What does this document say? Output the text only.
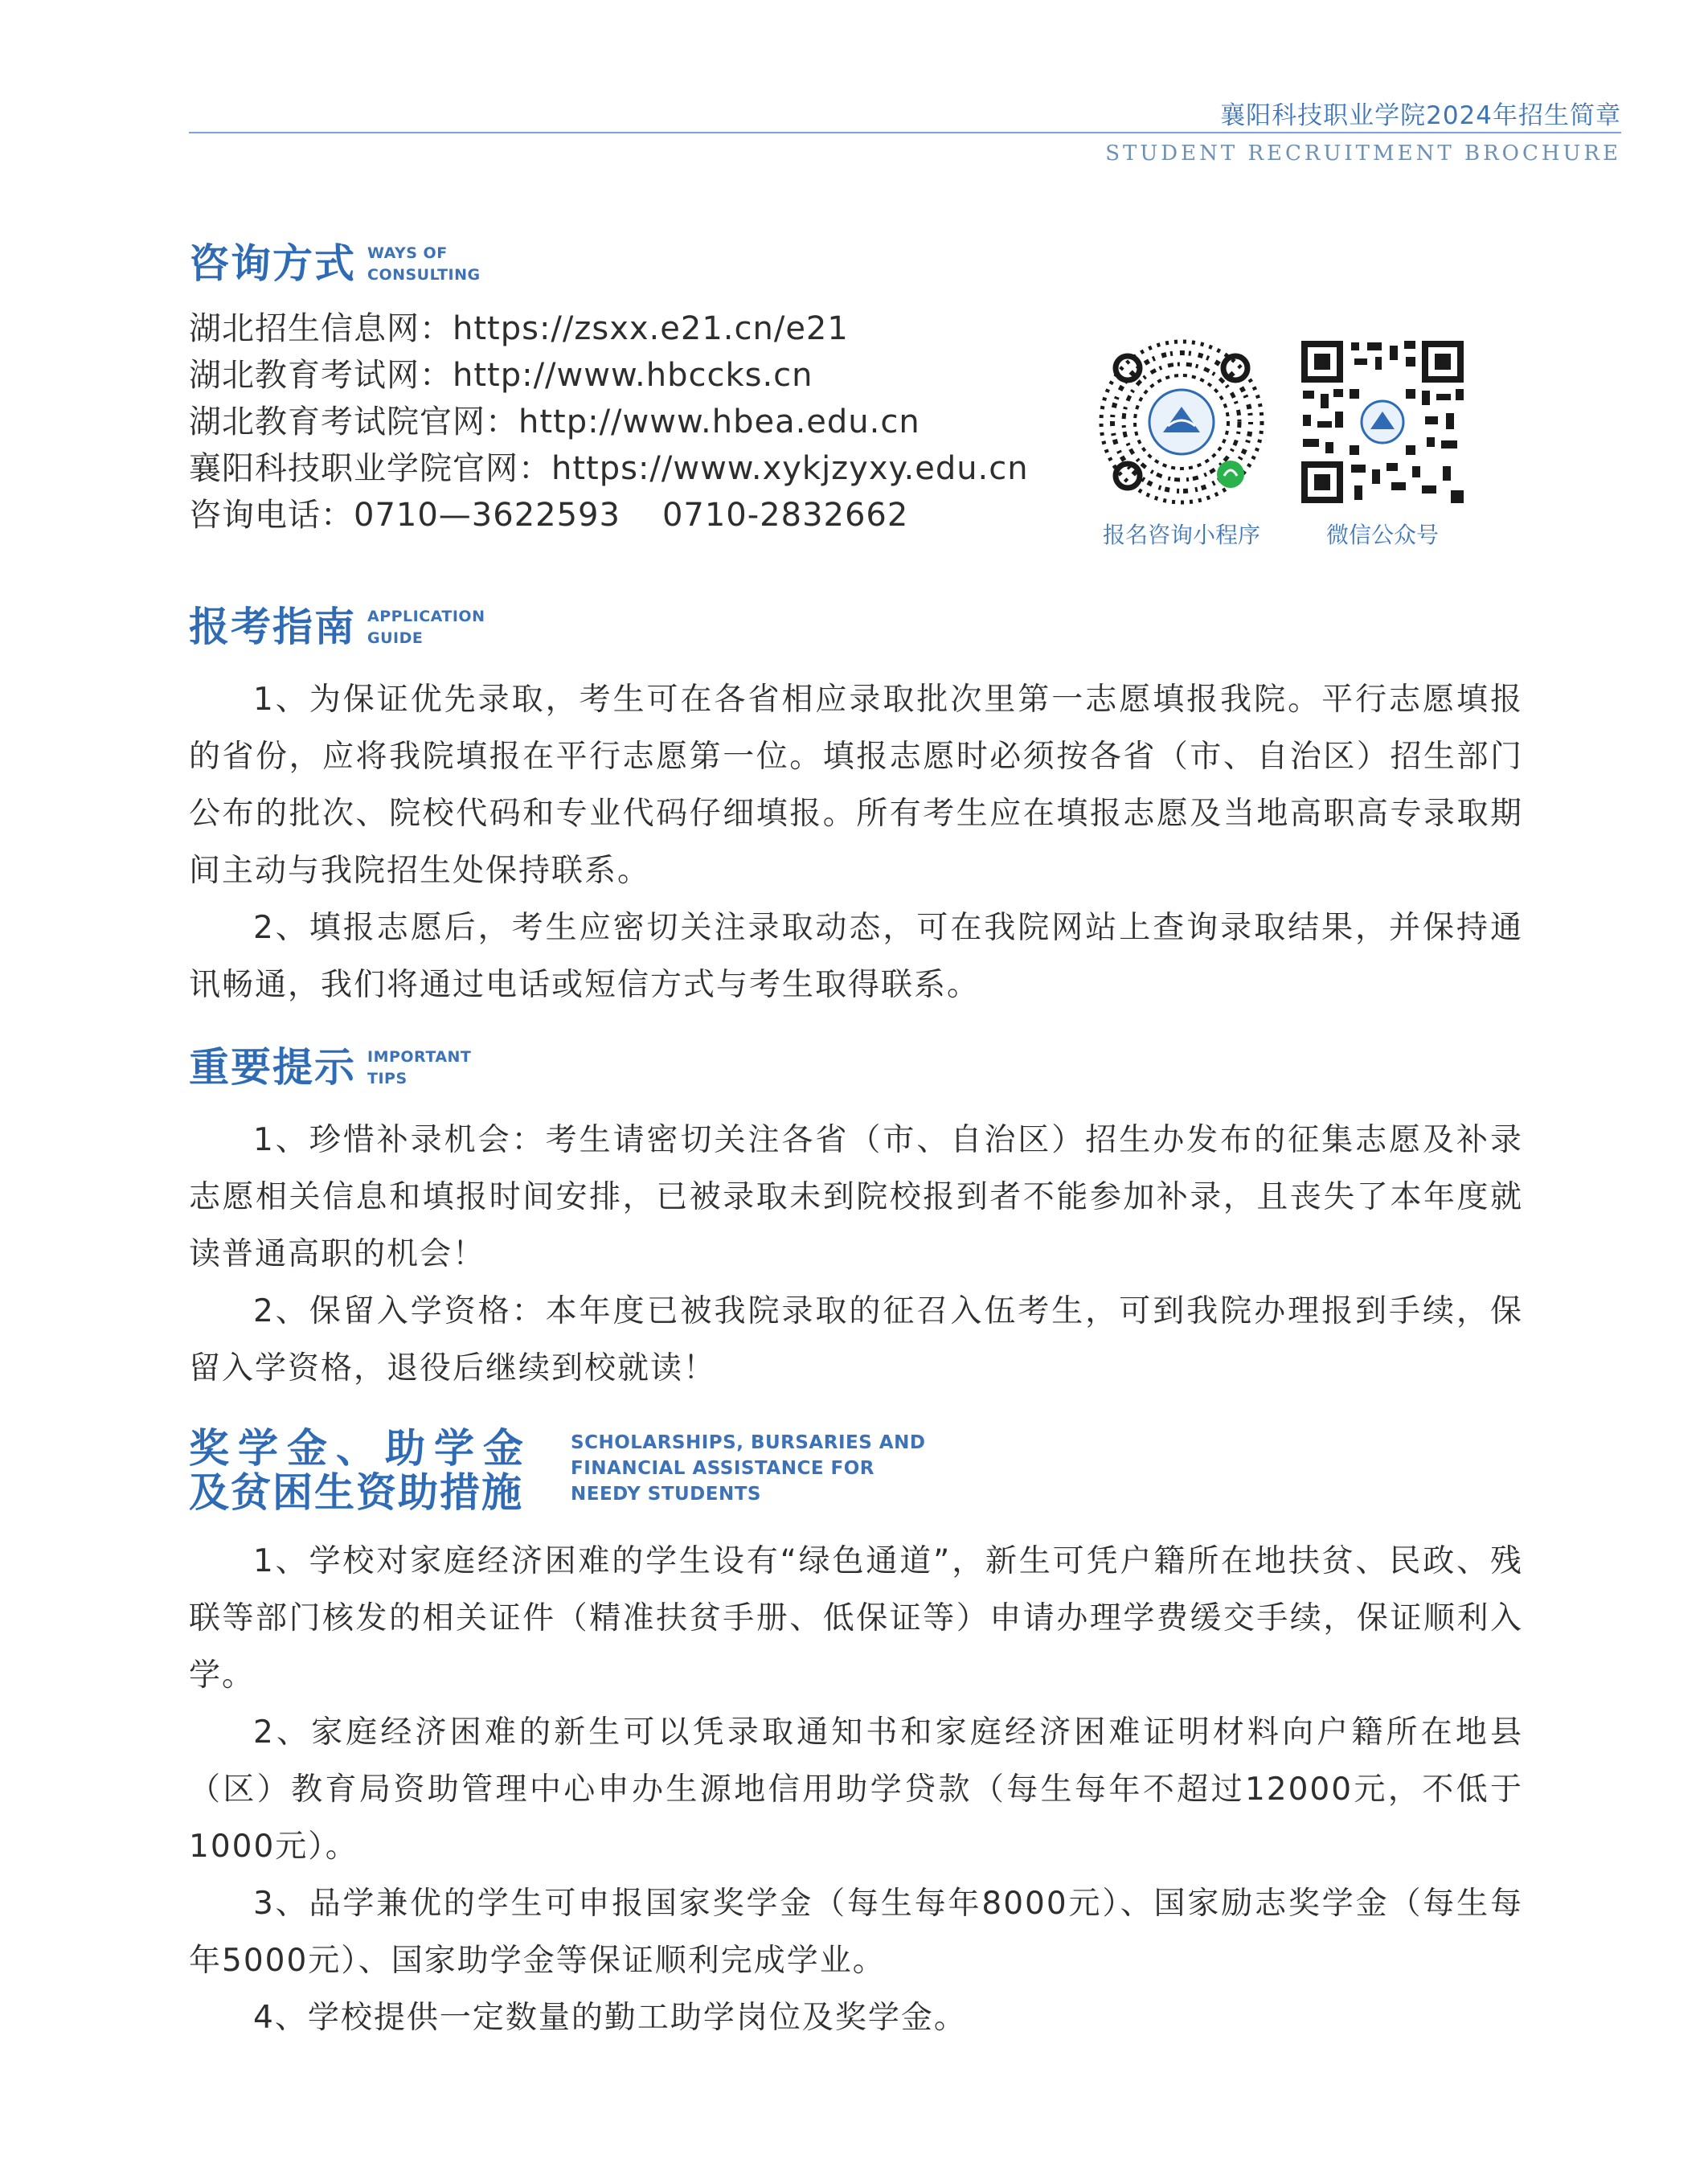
襄阳科技职业学院2024年招生简章
STUDENT RECRUITMENT BROCHURE
咨询方式 WAYS OF
CONSULTING
湖北招生信息网：https://zsxx.e21.cn/e21
湖北教育考试网：http://www.hbccks.cn
湖北教育考试院官网：http://www.hbea.edu.cn
襄阳科技职业学院官网：https://www.xykjzyxy.edu.cn
咨询电话：0710—3622593 0710-2832662
报名咨询小程序	微信公众号
报考指南 APPLICATION
GUIDE

1、为保证优先录取，考生可在各省相应录取批次里第一志愿填报我院。平行志愿填报的省份，应将我院填报在平行志愿第一位。填报志愿时必须按各省（市、自治区）招生部门公布的批次、院校代码和专业代码仔细填报。所有考生应在填报志愿及当地高职高专录取期间主动与我院招生处保持联系。

2、填报志愿后，考生应密切关注录取动态，可在我院网站上查询录取结果，并保持通讯畅通，我们将通过电话或短信方式与考生取得联系。

重要提示 IMPORTANT
TIPS

1、珍惜补录机会：考生请密切关注各省（市、自治区）招生办发布的征集志愿及补录志愿相关信息和填报时间安排，已被录取未到院校报到者不能参加补录，且丧失了本年度就读普通高职的机会！

2、保留入学资格：本年度已被我院录取的征召入伍考生，可到我院办理报到手续，保留入学资格，退役后继续到校就读！

奖学金、助学金
及贫困生资助措施
SCHOLARSHIPS, BURSARIES AND
FINANCIAL ASSISTANCE FOR
NEEDY STUDENTS

1、学校对家庭经济困难的学生设有“绿色通道”，新生可凭户籍所在地扶贫、民政、残联等部门核发的相关证件（精准扶贫手册、低保证等）申请办理学费缓交手续，保证顺利入学。

2、家庭经济困难的新生可以凭录取通知书和家庭经济困难证明材料向户籍所在地县（区）教育局资助管理中心申办生源地信用助学贷款（每生每年不超过12000元，不低于1000元）。

3、品学兼优的学生可申报国家奖学金（每生每年8000元）、国家励志奖学金（每生每年5000元）、国家助学金等保证顺利完成学业。

4、学校提供一定数量的勤工助学岗位及奖学金。
